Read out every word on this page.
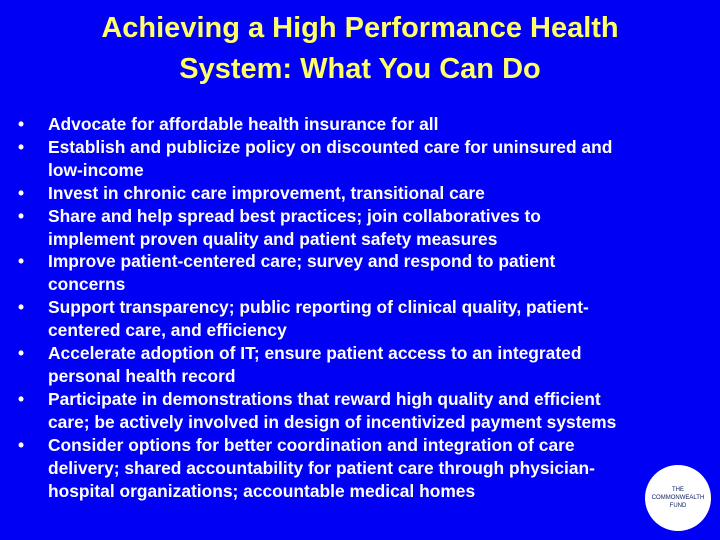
Achieving a High Performance Health
System: What You Can Do
• Advocate for affordable health insurance for all
• Establish and publicize policy on discounted care for uninsured and
low-income
• Invest in chronic care improvement, transitional care
• Share and help spread best practices; join collaboratives to
implement proven quality and patient safety measures
• Improve patient-centered care; survey and respond to patient
concerns
• Support transparency; public reporting of clinical quality, patient-
centered care, and efficiency
• Accelerate adoption of IT; ensure patient access to an integrated
personal health record
• Participate in demonstrations that reward high quality and efficient
care; be actively involved in design of incentivized payment systems
• Consider options for better coordination and integration of care
delivery; shared accountability for patient care through physician-
hospital organizations; accountable medical homes	THE
COMMONWEALTH
FUND
